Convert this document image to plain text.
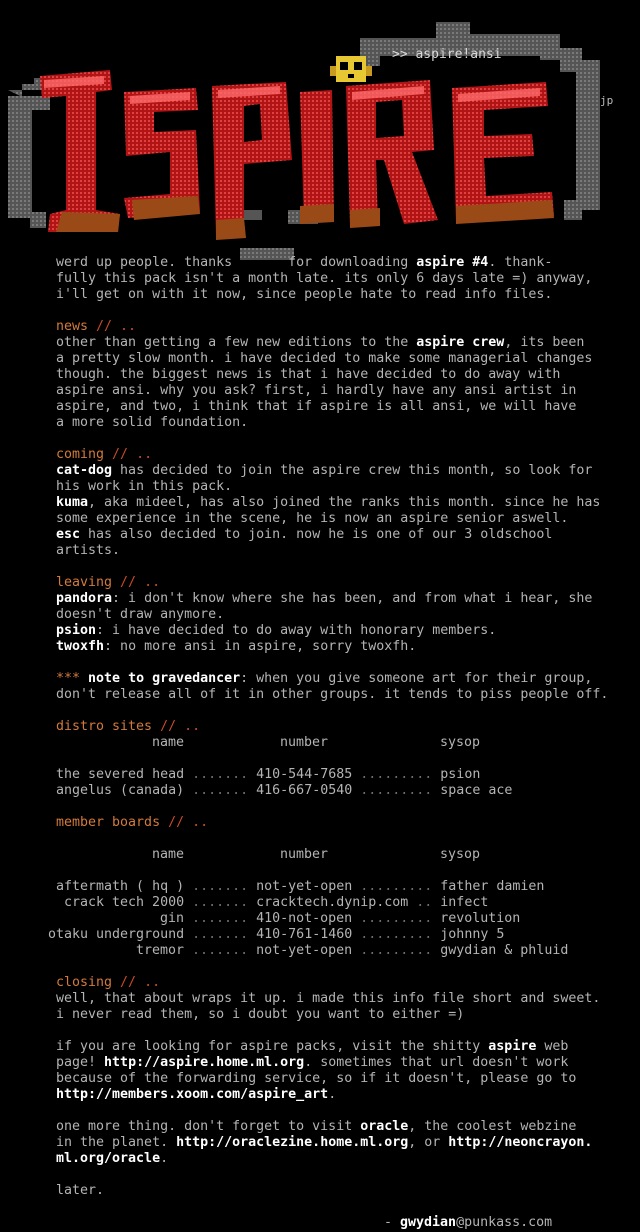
>> aspire!ansi
jp
werd up people. thanks       for downloading aspire #4. thank-
fully this pack isn't a month late. its only 6 days late =) anyway,
i'll get on with it now, since people hate to read info files.
news // ..
other than getting a few new editions to the aspire crew, its been
a pretty slow month. i have decided to make some managerial changes
though. the biggest news is that i have decided to do away with
aspire ansi. why you ask? first, i hardly have any ansi artist in
aspire, and two, i think that if aspire is all ansi, we will have
a more solid foundation.
coming // ..
cat-dog has decided to join the aspire crew this month, so look for
his work in this pack.
kuma, aka mideel, has also joined the ranks this month. since he has
some experience in the scene, he is now an aspire senior aswell.
esc has also decided to join. now he is one of our 3 oldschool
artists.
leaving // ..
pandora: i don't know where she has been, and from what i hear, she
doesn't draw anymore.
psion: i have decided to do away with honorary members.
twoxfh: no more ansi in aspire, sorry twoxfh.
*** note to gravedancer: when you give someone art for their group,
don't release all of it in other groups. it tends to piss people off.
distro sites // ..
name	number	sysop
the severed head ....... 410-544-7685 ......... psion
angelus (canada) ....... 416-667-0540 ......... space ace
member boards // ..
name	number	sysop
aftermath ( hq ) ....... not-yet-open ......... father damien
crack tech 2000 ....... cracktech.dynip.com .. infect
gin ....... 410-not-open ......... revolution
otaku underground ....... 410-761-1460 ......... johnny 5
tremor ....... not-yet-open ......... gwydian & phluid
closing // ..
well, that about wraps it up. i made this info file short and sweet.
i never read them, so i doubt you want to either =)
if you are looking for aspire packs, visit the shitty aspire web
page! http://aspire.home.ml.org. sometimes that url doesn't work
because of the forwarding service, so if it doesn't, please go to
http://members.xoom.com/aspire_art.
one more thing. don't forget to visit oracle, the coolest webzine
in the planet. http://oraclezine.home.ml.org, or http://neoncrayon.
ml.org/oracle.
later.
- gwydian@punkass.com
